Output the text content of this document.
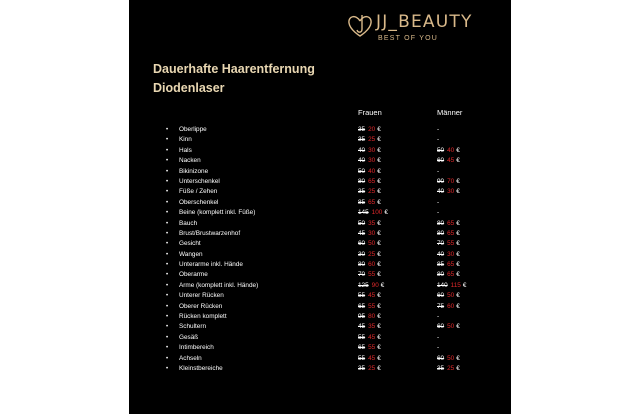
JJ_BEAUTY
BEST OF YOU
Dauerhafte Haarentfernung
Diodenlaser
Frauen	Männer
• Oberlippe	35 20 €	-
• Kinn	35 25 €	-
• Hals	40 30 €	50 40 €
• Nacken	40 30 €	60 45 €
• Bikinizone	50 40 €	-
• Unterschenkel	80 65 €	90 70 €
• Füße / Zehen	35 25 €	40 30 €
• Oberschenkel	85 65 €	-
• Beine (komplett inkl. Füße)	145 100 €	-
• Bauch	50 35 €	80 65 €
• Brust/Brustwarzenhof	45 30 €	80 65 €
• Gesicht	60 50 €	70 55 €
• Wangen	30 25 €	40 30 €
• Unterarme inkl. Hände	80 60 €	85 65 €
• Oberarme	70 55 €	80 65 €
• Arme (komplett inkl. Hände)	125 90 €	140 115 €
• Unterer Rücken	55 45 €	60 50 €
• Oberer Rücken	65 55 €	75 60 €
• Rücken komplett	95 80 €	-
• Schultern	45 35 €	60 50 €
• Gesäß	55 45 €	-
• Intimbereich	65 55 €	-
• Achseln	55 45 €	60 50 €
• Kleinstbereiche	35 25 €	35 25 €
